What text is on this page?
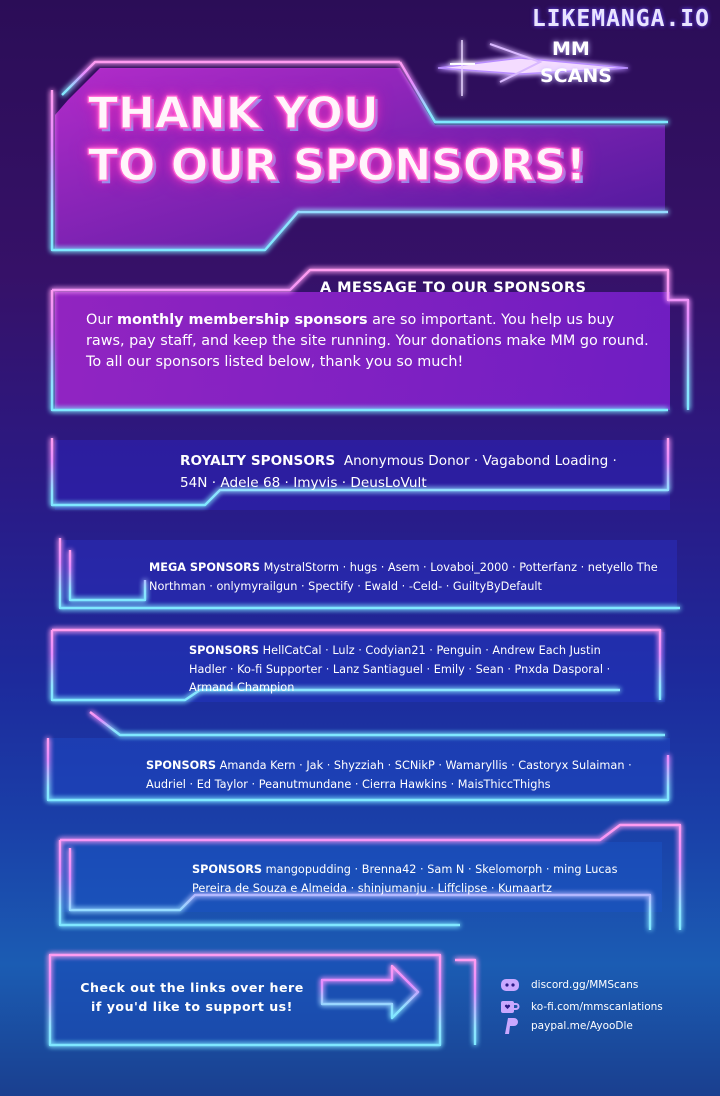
LIKEMANGA.IO
MM
SCANS
THANK YOU
TO OUR SPONSORS!
A MESSAGE TO OUR SPONSORS
Our monthly membership sponsors are so important. You help us buy raws, pay staff, and keep the site running. Your donations make MM go round. To all our sponsors listed below, thank you so much!
ROYALTY SPONSORS Anonymous Donor · Vagabond Loading · 54N · Adele 68 · Imyvis · DeusLoVult
MEGA SPONSORS MystralStorm · hugs · Asem · Lovaboi_2000 · Potterfanz · netyello The Northman · onlymyrailgun · Spectify · Ewald · -Celd- · GuiltyByDefault
SPONSORS HellCatCal · Lulz · Codyian21 · Penguin · Andrew Each Justin Hadler · Ko-fi Supporter · Lanz Santiaguel · Emily · Sean · Pnxda Dasporal · Armand Champion
SPONSORS Amanda Kern · Jak · Shyzziah · SCNikP · Wamaryllis · Castoryx Sulaiman · Audriel · Ed Taylor · Peanutmundane · Cierra Hawkins · MaisThiccThighs
SPONSORS mangopudding · Brenna42 · Sam N · Skelomorph · ming Lucas Pereira de Souza e Almeida · shinjumanju · Liffclipse · Kumaartz
Check out the links over here
if you'd like to support us!
discord.gg/MMScans
ko-fi.com/mmscanlations
paypal.me/AyooDle
